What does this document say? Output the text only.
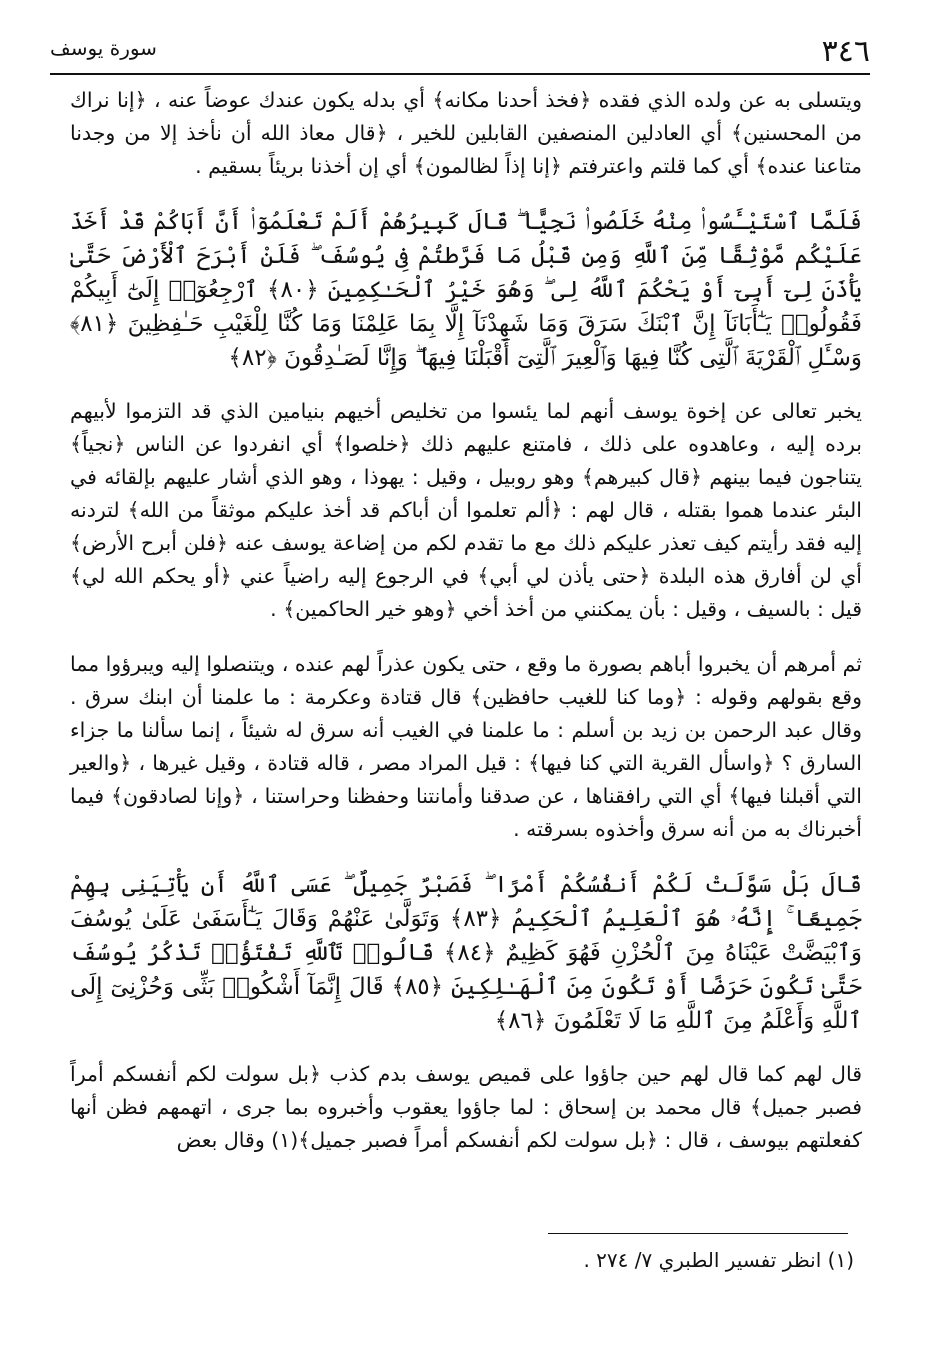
٣٤٦
سورة يوسف

ويتسلى به عن ولده الذي فقده ﴿فخذ أحدنا مكانه﴾ أي بدله يكون عندك عوضاً عنه ، ﴿إنا نراك من المحسنين﴾ أي العادلين المنصفين القابلين للخير ، ﴿قال معاذ الله أن نأخذ إلا من وجدنا متاعنا عنده﴾ أي كما قلتم واعترفتم ﴿إنا إذاً لظالمون﴾ أي إن أخذنا بريئاً بسقيم .

فَلَمَّا ٱسْتَيْـَٔسُوا۟ مِنْهُ خَلَصُوا۟ نَجِيًّا ۖ قَالَ كَبِيرُهُمْ أَلَمْ تَعْلَمُوٓا۟ أَنَّ أَبَاكُمْ قَدْ أَخَذَ عَلَيْكُم مَّوْثِقًا مِّنَ ٱللَّهِ وَمِن قَبْلُ مَا فَرَّطتُمْ فِى يُوسُفَ ۖ فَلَنْ أَبْرَحَ ٱلْأَرْضَ حَتَّىٰ يَأْذَنَ لِىٓ أَبِىٓ أَوْ يَحْكُمَ ٱللَّهُ لِى ۖ وَهُوَ خَيْرُ ٱلْحَـٰكِمِينَ ﴿٨٠﴾ ٱرْجِعُوٓا۟ إِلَىٰٓ أَبِيكُمْ فَقُولُوا۟ يَـٰٓأَبَانَآ إِنَّ ٱبْنَكَ سَرَقَ وَمَا شَهِدْنَآ إِلَّا بِمَا عَلِمْنَا وَمَا كُنَّا لِلْغَيْبِ حَـٰفِظِينَ ﴿٨١﴾ وَسْـَٔلِ ٱلْقَرْيَةَ ٱلَّتِى كُنَّا فِيهَا وَٱلْعِيرَ ٱلَّتِىٓ أَقْبَلْنَا فِيهَا ۖ وَإِنَّا لَصَـٰدِقُونَ ﴿٨٢﴾

يخبر تعالى عن إخوة يوسف أنهم لما يئسوا من تخليص أخيهم بنيامين الذي قد التزموا لأبيهم برده إليه ، وعاهدوه على ذلك ، فامتنع عليهم ذلك ﴿خلصوا﴾ أي انفردوا عن الناس ﴿نجياً﴾ يتناجون فيما بينهم ﴿قال كبيرهم﴾ وهو روبيل ، وقيل : يهوذا ، وهو الذي أشار عليهم بإلقائه في البئر عندما هموا بقتله ، قال لهم : ﴿ألم تعلموا أن أباكم قد أخذ عليكم موثقاً من الله﴾ لتردنه إليه فقد رأيتم كيف تعذر عليكم ذلك مع ما تقدم لكم من إضاعة يوسف عنه ﴿فلن أبرح الأرض﴾ أي لن أفارق هذه البلدة ﴿حتى يأذن لي أبي﴾ في الرجوع إليه راضياً عني ﴿أو يحكم الله لي﴾ قيل : بالسيف ، وقيل : بأن يمكنني من أخذ أخي ﴿وهو خير الحاكمين﴾ .

ثم أمرهم أن يخبروا أباهم بصورة ما وقع ، حتى يكون عذراً لهم عنده ، ويتنصلوا إليه ويبرؤوا مما وقع بقولهم وقوله : ﴿وما كنا للغيب حافظين﴾ قال قتادة وعكرمة : ما علمنا أن ابنك سرق . وقال عبد الرحمن بن زيد بن أسلم : ما علمنا في الغيب أنه سرق له شيئاً ، إنما سألنا ما جزاء السارق ؟ ﴿واسأل القرية التي كنا فيها﴾ : قيل المراد مصر ، قاله قتادة ، وقيل غيرها ، ﴿والعير التي أقبلنا فيها﴾ أي التي رافقناها ، عن صدقنا وأمانتنا وحفظنا وحراستنا ، ﴿وإنا لصادقون﴾ فيما أخبرناك به من أنه سرق وأخذوه بسرقته .

قَالَ بَلْ سَوَّلَتْ لَكُمْ أَنفُسُكُمْ أَمْرًا ۖ فَصَبْرٌ جَمِيلٌ ۖ عَسَى ٱللَّهُ أَن يَأْتِيَنِى بِهِمْ جَمِيعًا ۚ إِنَّهُۥ هُوَ ٱلْعَلِيمُ ٱلْحَكِيمُ ﴿٨٣﴾ وَتَوَلَّىٰ عَنْهُمْ وَقَالَ يَـٰٓأَسَفَىٰ عَلَىٰ يُوسُفَ وَٱبْيَضَّتْ عَيْنَاهُ مِنَ ٱلْحُزْنِ فَهُوَ كَظِيمٌ ﴿٨٤﴾ قَالُوا۟ تَٱللَّهِ تَفْتَؤُا۟ تَذْكُرُ يُوسُفَ حَتَّىٰ تَكُونَ حَرَضًا أَوْ تَكُونَ مِنَ ٱلْهَـٰلِكِينَ ﴿٨٥﴾ قَالَ إِنَّمَآ أَشْكُوا۟ بَثِّى وَحُزْنِىٓ إِلَى ٱللَّهِ وَأَعْلَمُ مِنَ ٱللَّهِ مَا لَا تَعْلَمُونَ ﴿٨٦﴾

قال لهم كما قال لهم حين جاؤوا على قميص يوسف بدم كذب ﴿بل سولت لكم أنفسكم أمراً فصبر جميل﴾ قال محمد بن إسحاق : لما جاؤوا يعقوب وأخبروه بما جرى ، اتهمهم فظن أنها كفعلتهم بيوسف ، قال : ﴿بل سولت لكم أنفسكم أمراً فصبر جميل﴾(١) وقال بعض

(١) انظر تفسير الطبري ٧/ ٢٧٤ .
